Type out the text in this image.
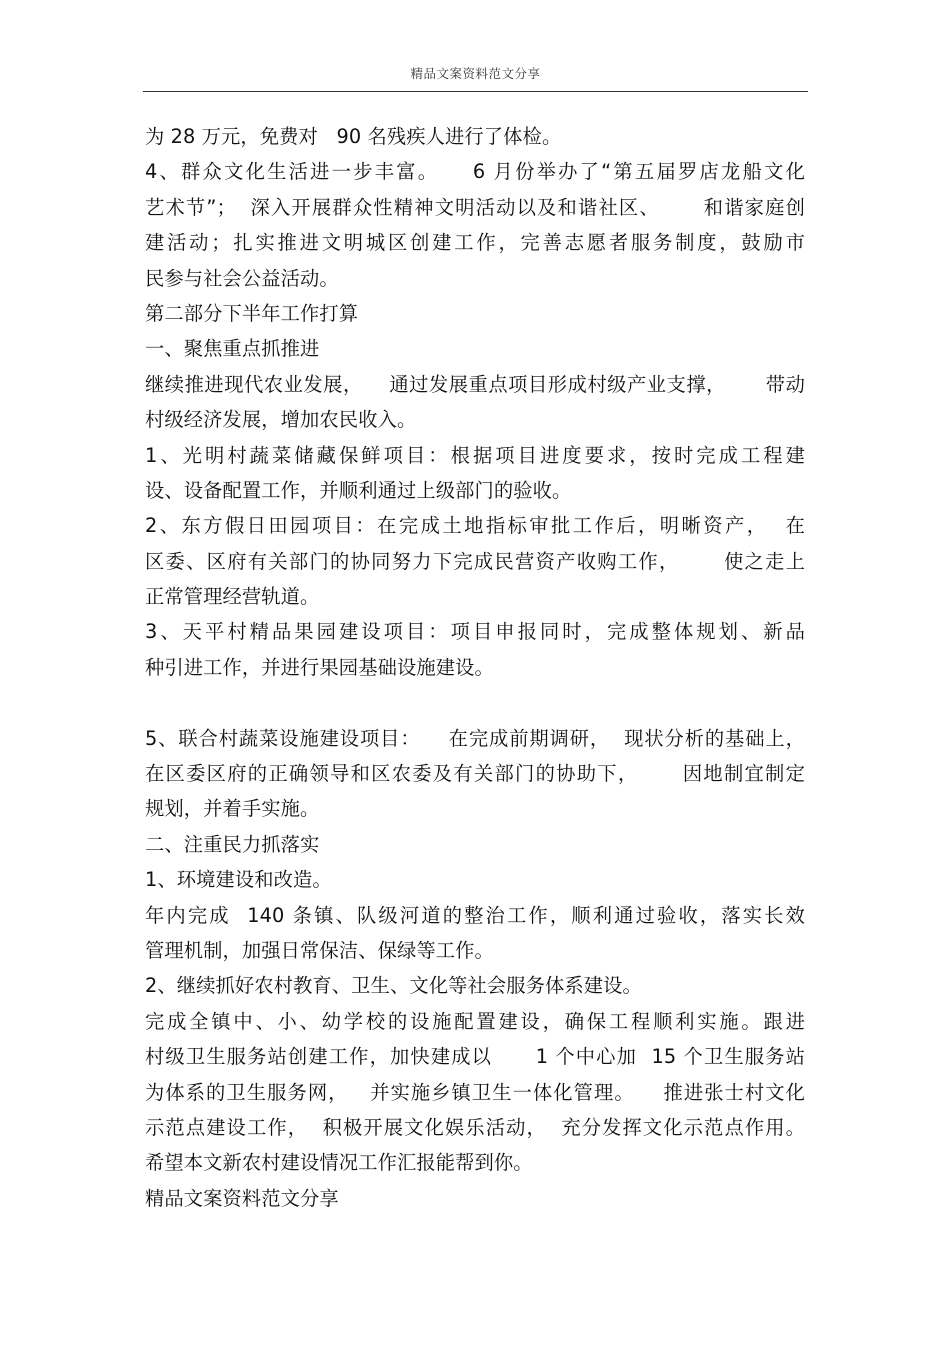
精品文案资料范文分享
为 28 万元，免费对   90 名残疾人进行了体检。
4、群众文化生活进一步丰富。    6 月份举办了“第五届罗店龙船文化
艺术节”；  深入开展群众性精神文明活动以及和谐社区、      和谐家庭创
建活动；扎实推进文明城区创建工作，完善志愿者服务制度，鼓励市
民参与社会公益活动。
第二部分下半年工作打算
一、聚焦重点抓推进
继续推进现代农业发展，    通过发展重点项目形成村级产业支撑，      带动
村级经济发展，增加农民收入。
1、光明村蔬菜储藏保鲜项目：根据项目进度要求，按时完成工程建
设、设备配置工作，并顺利通过上级部门的验收。
2、东方假日田园项目：在完成土地指标审批工作后，明晰资产，  在
区委、区府有关部门的协同努力下完成民营资产收购工作，      使之走上
正常管理经营轨道。
3、天平村精品果园建设项目：项目申报同时，完成整体规划、新品
种引进工作，并进行果园基础设施建设。
5、联合村蔬菜设施建设项目：    在完成前期调研，  现状分析的基础上，
在区委区府的正确领导和区农委及有关部门的协助下，      因地制宜制定
规划，并着手实施。
二、注重民力抓落实
1、环境建设和改造。
年内完成  140 条镇、队级河道的整治工作，顺利通过验收，落实长效
管理机制，加强日常保洁、保绿等工作。
2、继续抓好农村教育、卫生、文化等社会服务体系建设。
完成全镇中、小、幼学校的设施配置建设，确保工程顺利实施。跟进
村级卫生服务站创建工作，加快建成以      1 个中心加  15 个卫生服务站
为体系的卫生服务网，   并实施乡镇卫生一体化管理。    推进张士村文化
示范点建设工作，  积极开展文化娱乐活动，  充分发挥文化示范点作用。
希望本文新农村建设情况工作汇报能帮到你。
精品文案资料范文分享
